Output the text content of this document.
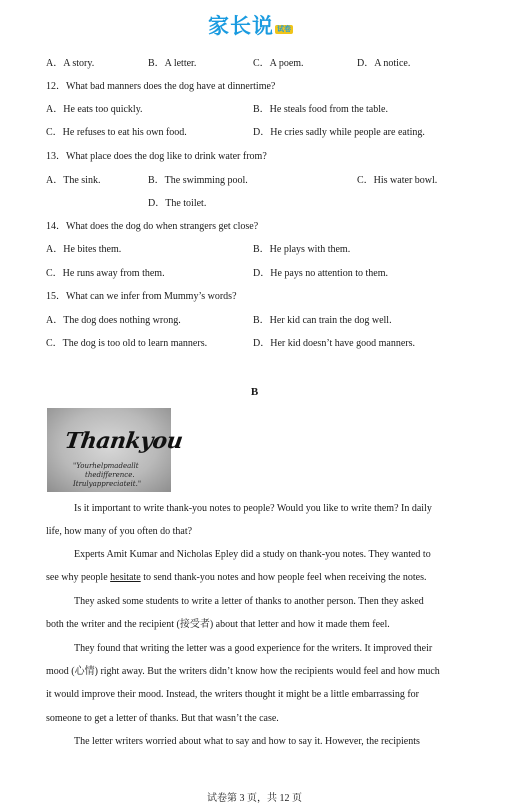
家长说 试卷
A．A story.	B．A letter.	C．A poem.	D．A notice.
12．What bad manners does the dog have at dinnertime?
A．He eats too quickly.	B．He steals food from the table.
C．He refuses to eat his own food.	D．He cries sadly while people are eating.
13．What place does the dog like to drink water from?
A．The sink.	B．The swimming pool.	C．His water bowl.
D．The toilet.
14．What does the dog do when strangers get close?
A．He bites them.	B．He plays with them.
C．He runs away from them.	D．He pays no attention to them.
15．What can we infer from Mummy’s words?
A．The dog does nothing wrong.	B．Her kid can train the dog well.
C．The dog is too old to learn manners.	D．Her kid doesn’t have good manners.
B
Thankyou
"Yourhelpmadeallt
thedifference.
Itrulyappreciateit."
Is it important to write thank-you notes to people? Would you like to write them? In daily
life, how many of you often do that?
Experts Amit Kumar and Nicholas Epley did a study on thank-you notes. They wanted to
see why people hesitate to send thank-you notes and how people feel when receiving the notes.
They asked some students to write a letter of thanks to another person. Then they asked
both the writer and the recipient (接受者) about that letter and how it made them feel.
They found that writing the letter was a good experience for the writers. It improved their
mood (心情) right away. But the writers didn’t know how the recipients would feel and how much
it would improve their mood. Instead, the writers thought it might be a little embarrassing for
someone to get a letter of thanks. But that wasn’t the case.
The letter writers worried about what to say and how to say it. However, the recipients
试卷第 3 页，共 12 页
